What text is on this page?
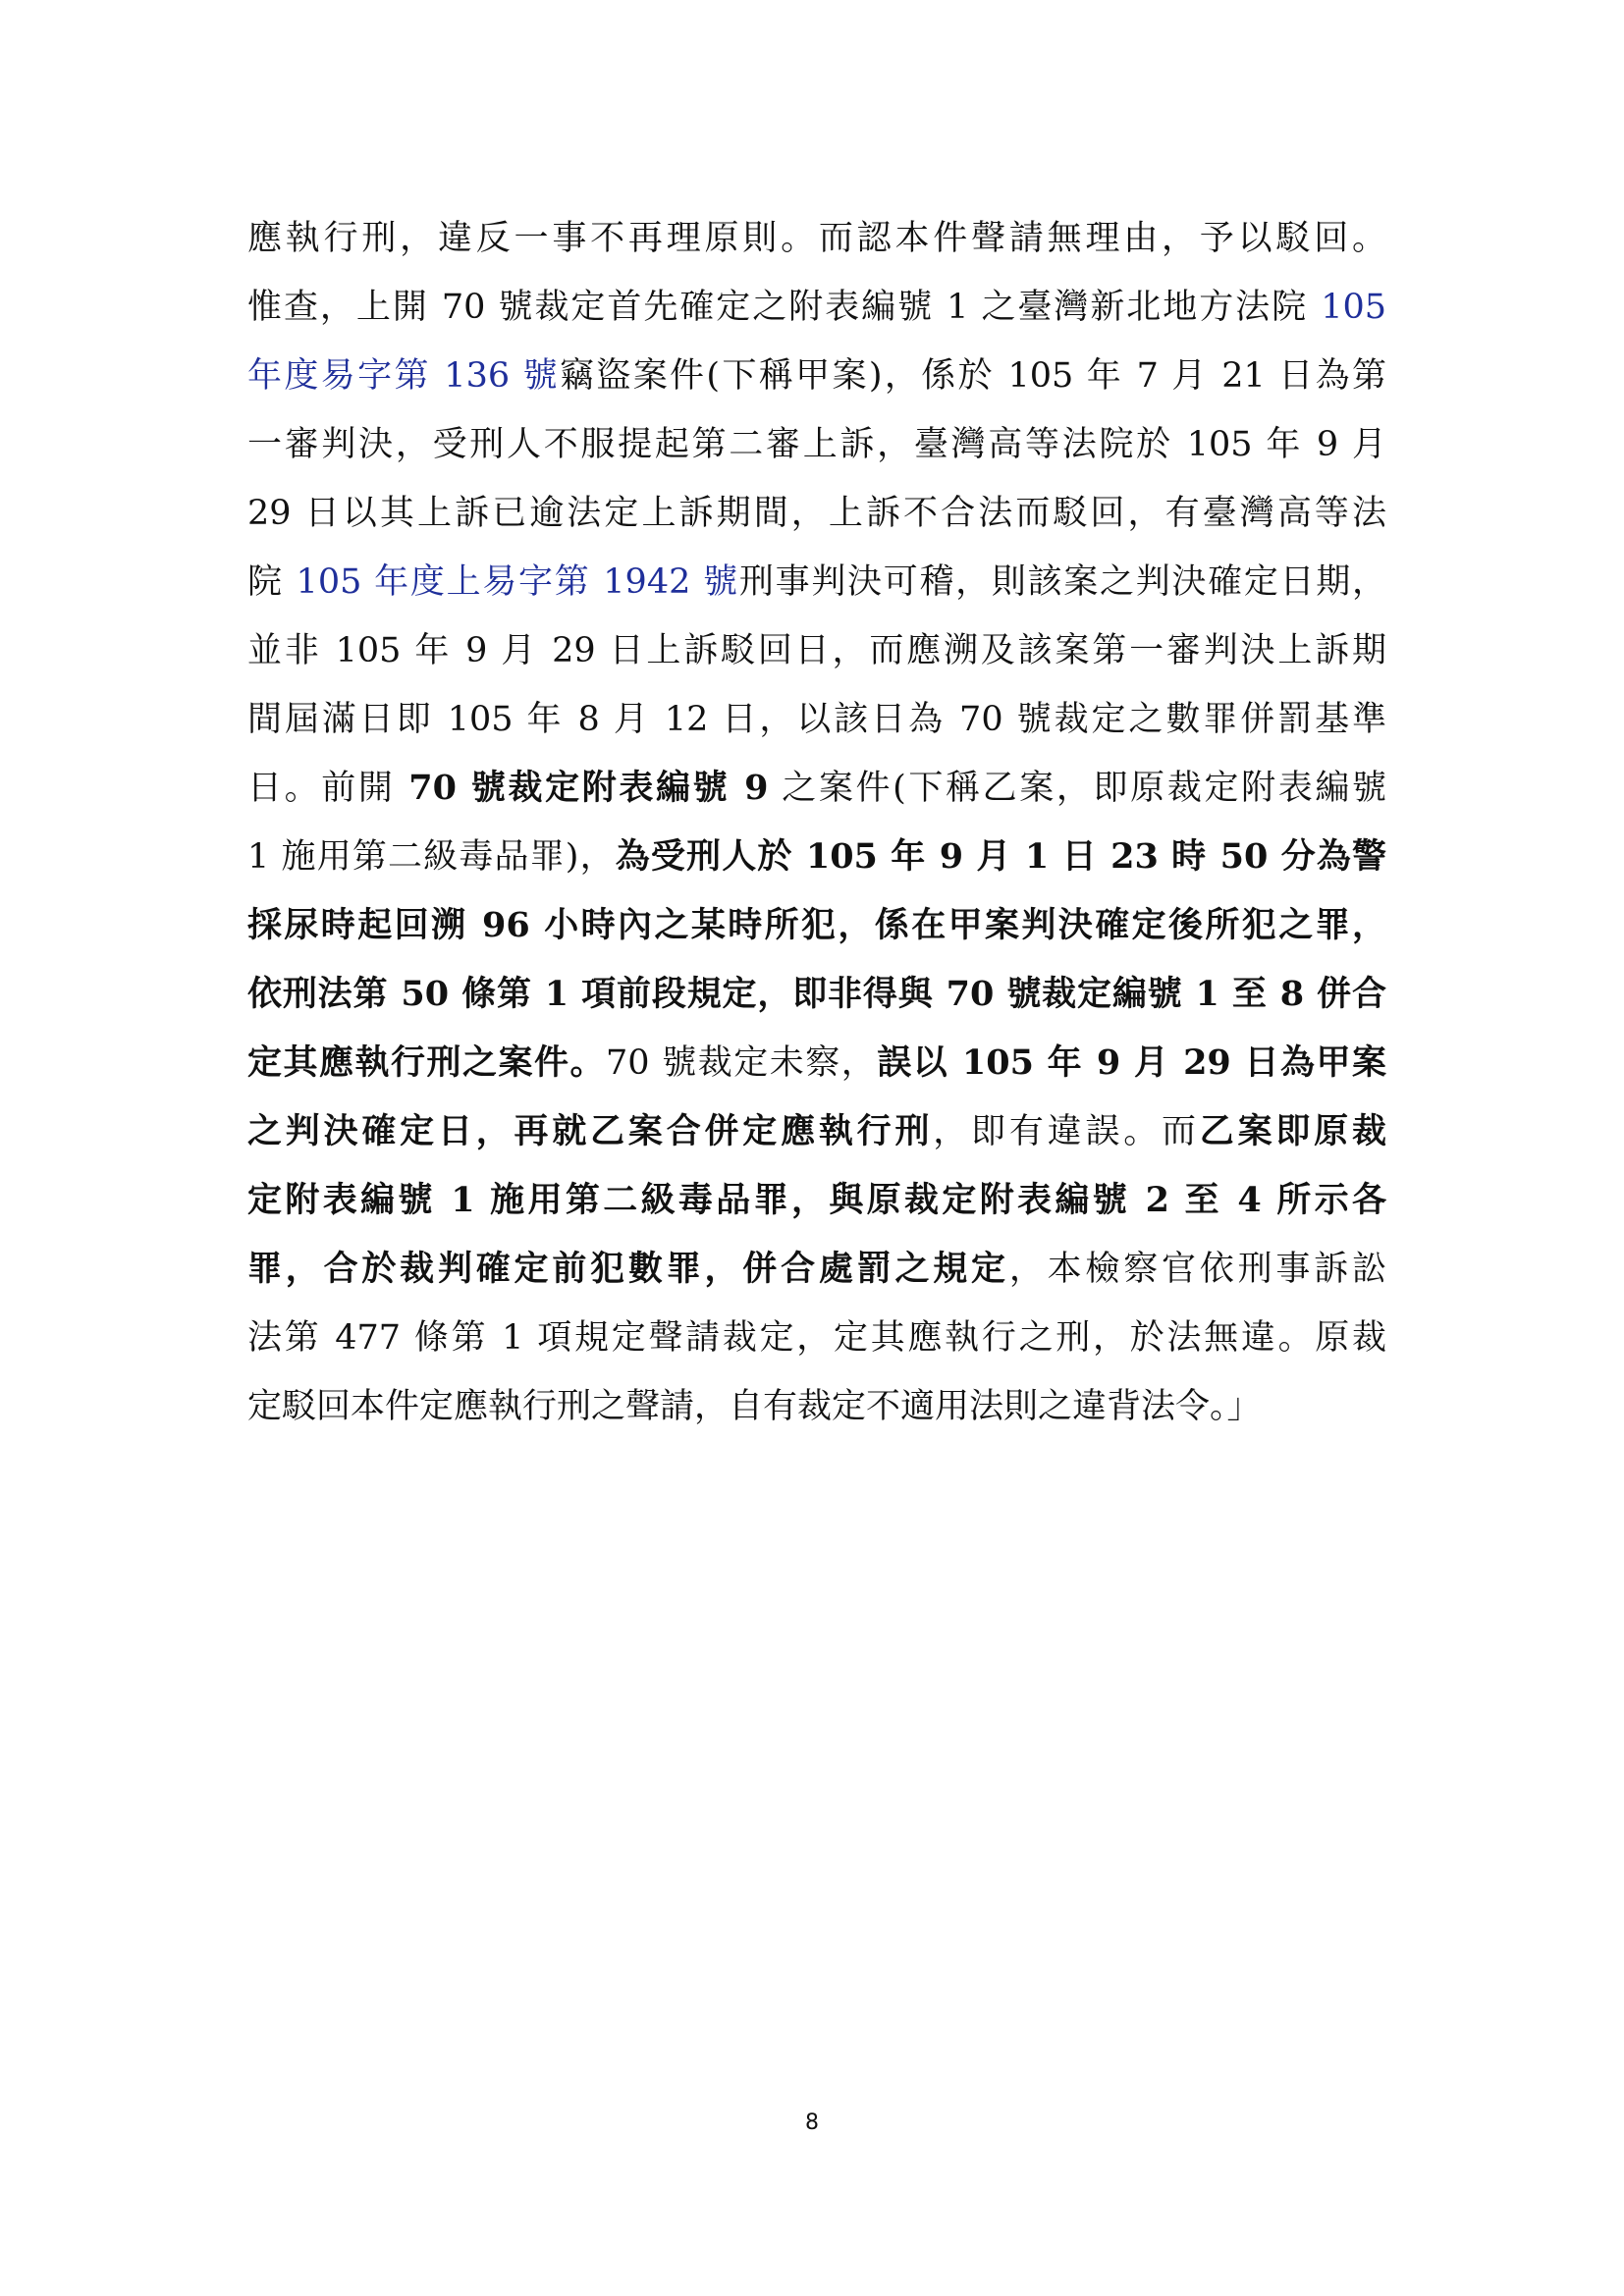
應執行刑，違反一事不再理原則。而認本件聲請無理由，予以駁回。
惟查，上開 70 號裁定首先確定之附表編號 1 之臺灣新北地方法院 105
年度易字第 136 號竊盜案件(下稱甲案)，係於 105 年 7 月 21 日為第
一審判決，受刑人不服提起第二審上訴，臺灣高等法院於 105 年 9 月
29 日以其上訴已逾法定上訴期間，上訴不合法而駁回，有臺灣高等法
院 105 年度上易字第 1942 號刑事判決可稽，則該案之判決確定日期，
並非 105 年 9 月 29 日上訴駁回日，而應溯及該案第一審判決上訴期
間屆滿日即 105 年 8 月 12 日，以該日為 70 號裁定之數罪併罰基準
日。前開 70 號裁定附表編號 9 之案件(下稱乙案，即原裁定附表編號
1 施用第二級毒品罪)，為受刑人於 105 年 9 月 1 日 23 時 50 分為警
採尿時起回溯 96 小時內之某時所犯，係在甲案判決確定後所犯之罪，
依刑法第 50 條第 1 項前段規定，即非得與 70 號裁定編號 1 至 8 併合
定其應執行刑之案件。70 號裁定未察，誤以 105 年 9 月 29 日為甲案
之判決確定日，再就乙案合併定應執行刑，即有違誤。而乙案即原裁
定附表編號 1 施用第二級毒品罪，與原裁定附表編號 2 至 4 所示各
罪，合於裁判確定前犯數罪，併合處罰之規定，本檢察官依刑事訴訟
法第 477 條第 1 項規定聲請裁定，定其應執行之刑，於法無違。原裁
定駁回本件定應執行刑之聲請，自有裁定不適用法則之違背法令。」
8
